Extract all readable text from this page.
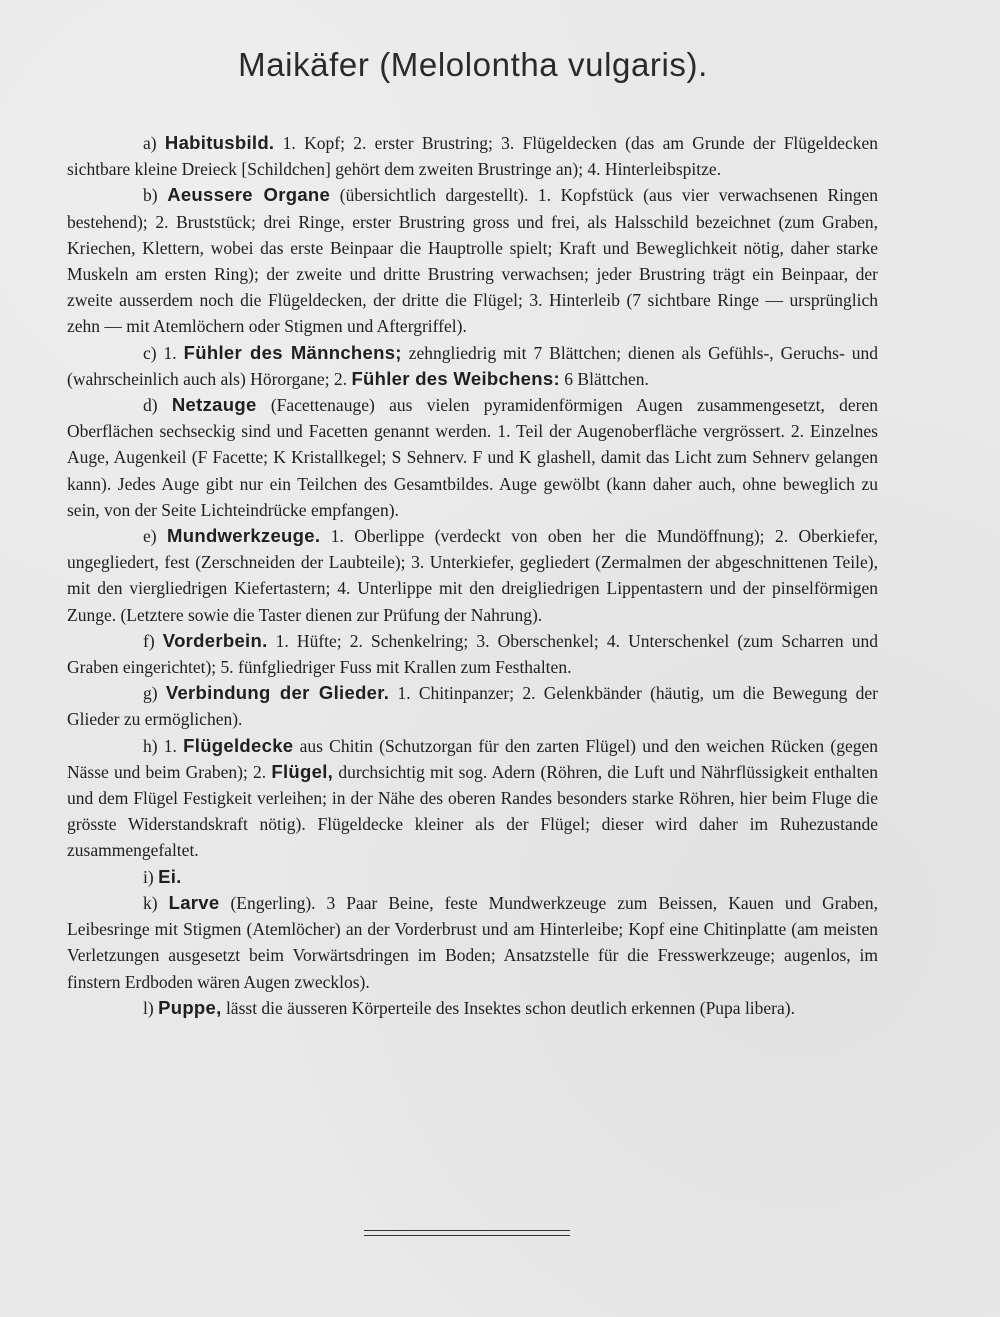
Maikäfer (Melolontha vulgaris).

a) Habitusbild. 1. Kopf; 2. erster Brustring; 3. Flügeldecken (das am Grunde der Flügeldecken sichtbare kleine Dreieck [Schildchen] gehört dem zweiten Brustringe an); 4. Hinterleibspitze.

b) Aeussere Organe (übersichtlich dargestellt). 1. Kopfstück (aus vier verwachsenen Ringen bestehend); 2. Bruststück; drei Ringe, erster Brustring gross und frei, als Halsschild bezeichnet (zum Graben, Kriechen, Klettern, wobei das erste Beinpaar die Hauptrolle spielt; Kraft und Beweglichkeit nötig, daher starke Muskeln am ersten Ring); der zweite und dritte Brustring verwachsen; jeder Brustring trägt ein Beinpaar, der zweite ausserdem noch die Flügeldecken, der dritte die Flügel; 3. Hinterleib (7 sichtbare Ringe — ursprünglich zehn — mit Atemlöchern oder Stigmen und Aftergriffel).

c) 1. Fühler des Männchens; zehngliedrig mit 7 Blättchen; dienen als Gefühls-, Geruchs- und (wahrscheinlich auch als) Hörorgane; 2. Fühler des Weibchens: 6 Blättchen.

d) Netzauge (Facettenauge) aus vielen pyramidenförmigen Augen zusammengesetzt, deren Oberflächen sechseckig sind und Facetten genannt werden. 1. Teil der Augenoberfläche vergrössert. 2. Einzelnes Auge, Augenkeil (F Facette; K Kristallkegel; S Sehnerv. F und K glashell, damit das Licht zum Sehnerv gelangen kann). Jedes Auge gibt nur ein Teilchen des Gesamtbildes. Auge gewölbt (kann daher auch, ohne beweglich zu sein, von der Seite Lichteindrücke empfangen).

e) Mundwerkzeuge. 1. Oberlippe (verdeckt von oben her die Mundöffnung); 2. Oberkiefer, ungegliedert, fest (Zerschneiden der Laubteile); 3. Unterkiefer, gegliedert (Zermalmen der abgeschnittenen Teile), mit den viergliedrigen Kiefertastern; 4. Unterlippe mit den dreigliedrigen Lippentastern und der pinselförmigen Zunge. (Letztere sowie die Taster dienen zur Prüfung der Nahrung).

f) Vorderbein. 1. Hüfte; 2. Schenkelring; 3. Oberschenkel; 4. Unterschenkel (zum Scharren und Graben eingerichtet); 5. fünfgliedriger Fuss mit Krallen zum Festhalten.

g) Verbindung der Glieder. 1. Chitinpanzer; 2. Gelenkbänder (häutig, um die Bewegung der Glieder zu ermöglichen).

h) 1. Flügeldecke aus Chitin (Schutzorgan für den zarten Flügel) und den weichen Rücken (gegen Nässe und beim Graben); 2. Flügel, durchsichtig mit sog. Adern (Röhren, die Luft und Nährflüssigkeit enthalten und dem Flügel Festigkeit verleihen; in der Nähe des oberen Randes besonders starke Röhren, hier beim Fluge die grösste Widerstandskraft nötig). Flügeldecke kleiner als der Flügel; dieser wird daher im Ruhezustande zusammengefaltet.

i) Ei.

k) Larve (Engerling). 3 Paar Beine, feste Mundwerkzeuge zum Beissen, Kauen und Graben, Leibesringe mit Stigmen (Atemlöcher) an der Vorderbrust und am Hinterleibe; Kopf eine Chitinplatte (am meisten Verletzungen ausgesetzt beim Vorwärtsdringen im Boden; Ansatzstelle für die Fresswerkzeuge; augenlos, im finstern Erdboden wären Augen zwecklos).

l) Puppe, lässt die äusseren Körperteile des Insektes schon deutlich erkennen (Pupa libera).
